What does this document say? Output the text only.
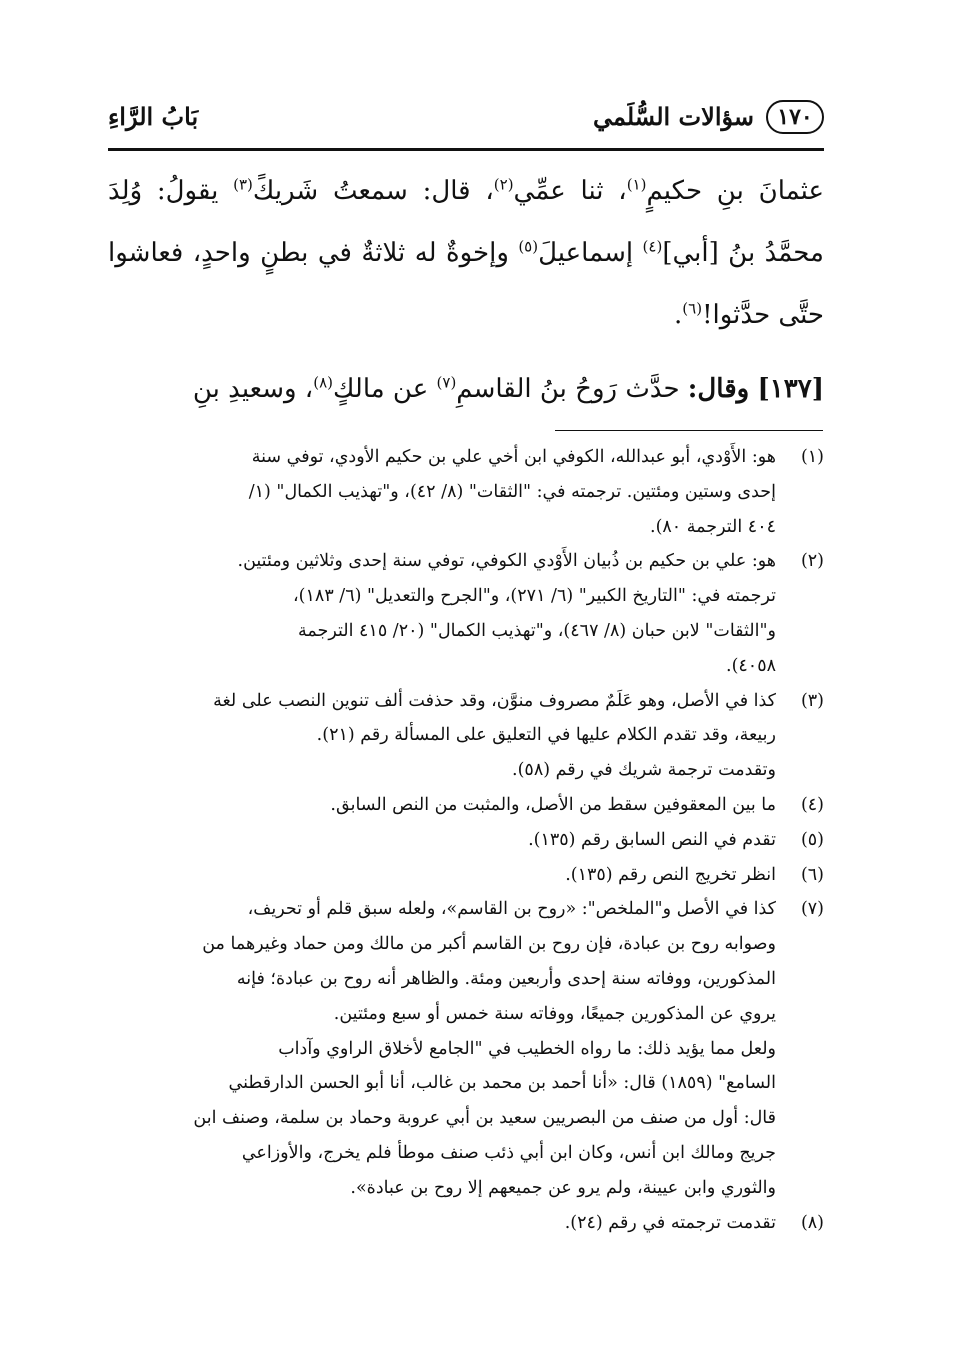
١٧٠
سؤالات السُّلَمي
بَابُ الرَّاءِ

عثمانَ بنِ حكيمٍ$^{(١)}$، ثنا عمِّي$^{(٢)}$، قال: سمعتُ شَريكً$^{(٣)}$ يقولُ: وُلِدَ محمَّدُ بنُ [أبي]$^{(٤)}$ إسماعيلَ$^{(٥)}$ وإخوةٌ له ثلاثةٌ في بطنٍ واحدٍ، فعاشوا حتَّى حدَّثوا!$^{(٦)}$.

[١٣٧] وقال: حدَّث رَوحُ بنُ القاسمِ$^{(٧)}$ عن مالكٍ$^{(٨)}$، وسعيدِ بنِ

(١)
هو: الأَوْدي، أبو عبدالله، الكوفي ابن أخي علي بن حكيم الأودي، توفي سنة
إحدى وستين ومئتين. ترجمته في: "الثقات" (٨/ ٤٢)، و"تهذيب الكمال" (١/
٤٠٤ الترجمة ٨٠).
(٢)
هو: علي بن حكيم بن ذُبيان الأَوْدي الكوفي، توفي سنة إحدى وثلاثين ومئتين.
ترجمته في: "التاريخ الكبير" (٦/ ٢٧١)، و"الجرح والتعديل" (٦/ ١٨٣)،
و"الثقات" لابن حبان (٨/ ٤٦٧)، و"تهذيب الكمال" (٢٠/ ٤١٥ الترجمة
٤٠٥٨).
(٣)
كذا في الأصل، وهو عَلَمٌ مصروف منوَّن، وقد حذفت ألف تنوين النصب على لغة
ربيعة، وقد تقدم الكلام عليها في التعليق على المسألة رقم (٢١).
وتقدمت ترجمة شريك في رقم (٥٨).
(٤)
ما بين المعقوفين سقط من الأصل، والمثبت من النص السابق.
(٥)
تقدم في النص السابق رقم (١٣٥).
(٦)
انظر تخريج النص رقم (١٣٥).
(٧)
كذا في الأصل و"الملخص": «روح بن القاسم»، ولعله سبق قلم أو تحريف،
وصوابه روح بن عبادة، فإن روح بن القاسم أكبر من مالك ومن حماد وغيرهما من
المذكورين، ووفاته سنة إحدى وأربعين ومئة. والظاهر أنه روح بن عبادة؛ فإنه
يروي عن المذكورين جميعًا، ووفاته سنة خمس أو سبع ومئتين.
ولعل مما يؤيد ذلك: ما رواه الخطيب في "الجامع لأخلاق الراوي وآداب
السامع" (١٨٥٩) قال: «أنا أحمد بن محمد بن غالب، أنا أبو الحسن الدارقطني
قال: أول من صنف من البصريين سعيد بن أبي عروبة وحماد بن سلمة، وصنف ابن
جريج ومالك ابن أنس، وكان ابن أبي ذئب صنف موطأ فلم يخرج، والأوزاعي
والثوري وابن عيينة، ولم يرو عن جميعهم إلا روح بن عبادة».
(٨)
تقدمت ترجمته في رقم (٢٤).
